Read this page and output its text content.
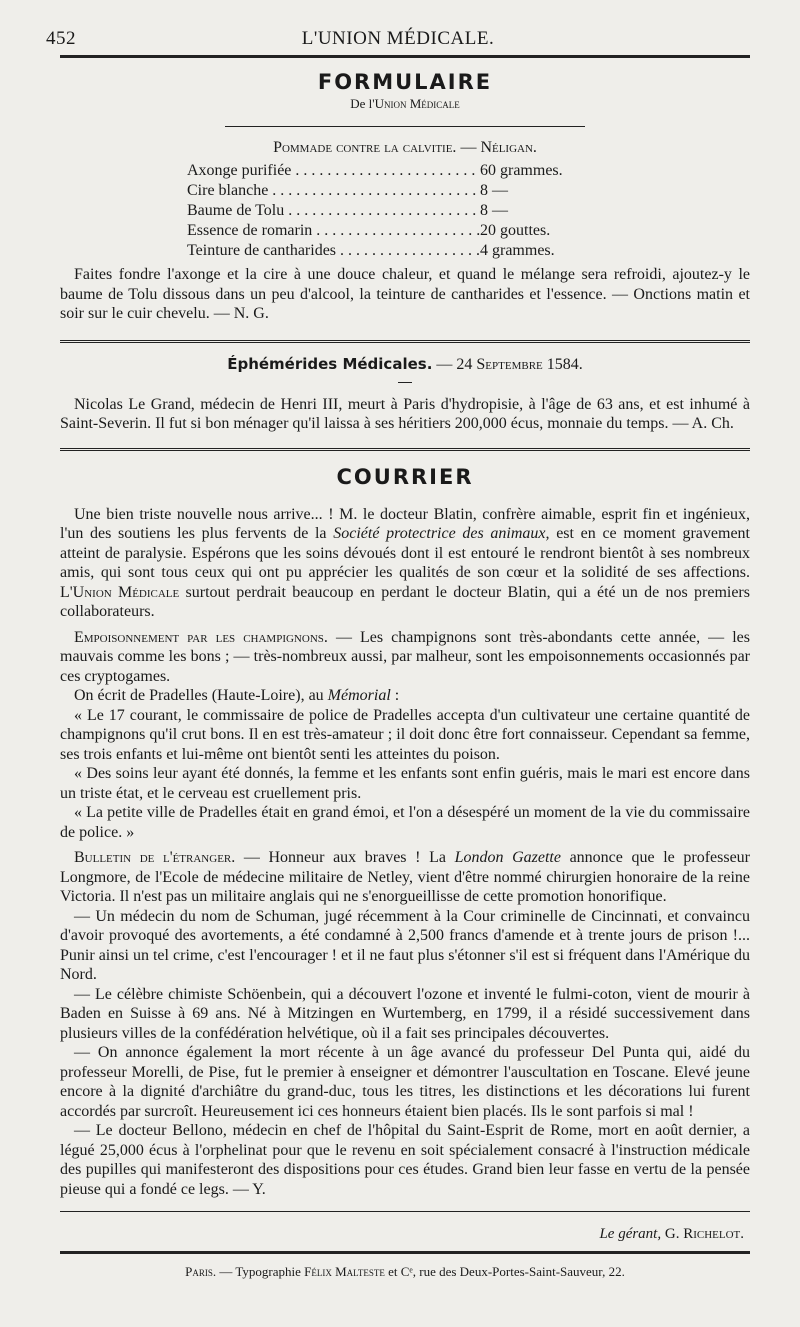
452	L'UNION MÉDICALE.
FORMULAIRE
De l'Union Médicale
Pommade contre la calvitie. — Néligan.
Axonge purifiée . . .	60 grammes.
Cire blanche . . .	8 —
Baume de Tolu . . .	8 —
Essence de romarin . . .	20 gouttes.
Teinture de cantharides . . .	4 grammes.

Faites fondre l'axonge et la cire à une douce chaleur, et quand le mélange sera refroidi, ajoutez-y le baume de Tolu dissous dans un peu d'alcool, la teinture de cantharides et l'essence. — Onctions matin et soir sur le cuir chevelu. — N. G.

Éphémérides Médicales. — 24 Septembre 1584.

Nicolas Le Grand, médecin de Henri III, meurt à Paris d'hydropisie, à l'âge de 63 ans, et est inhumé à Saint-Severin. Il fut si bon ménager qu'il laissa à ses héritiers 200,000 écus, monnaie du temps. — A. Ch.

COURRIER

Une bien triste nouvelle nous arrive... ! M. le docteur Blatin, confrère aimable, esprit fin et ingénieux, l'un des soutiens les plus fervents de la Société protectrice des animaux, est en ce moment gravement atteint de paralysie. Espérons que les soins dévoués dont il est entouré le rendront bientôt à ses nombreux amis, qui sont tous ceux qui ont pu apprécier les qualités de son cœur et la solidité de ses affections. L'Union Médicale surtout perdrait beaucoup en perdant le docteur Blatin, qui a été un de nos premiers collaborateurs.

Empoisonnement par les champignons. — Les champignons sont très-abondants cette année, — les mauvais comme les bons ; — très-nombreux aussi, par malheur, sont les empoisonnements occasionnés par ces cryptogames.

On écrit de Pradelles (Haute-Loire), au Mémorial :

« Le 17 courant, le commissaire de police de Pradelles accepta d'un cultivateur une certaine quantité de champignons qu'il crut bons. Il en est très-amateur ; il doit donc être fort connaisseur. Cependant sa femme, ses trois enfants et lui-même ont bientôt senti les atteintes du poison.

« Des soins leur ayant été donnés, la femme et les enfants sont enfin guéris, mais le mari est encore dans un triste état, et le cerveau est cruellement pris.

« La petite ville de Pradelles était en grand émoi, et l'on a désespéré un moment de la vie du commissaire de police. »

Bulletin de l'étranger. — Honneur aux braves ! La London Gazette annonce que le professeur Longmore, de l'Ecole de médecine militaire de Netley, vient d'être nommé chirurgien honoraire de la reine Victoria. Il n'est pas un militaire anglais qui ne s'enorgueillisse de cette promotion honorifique.

— Un médecin du nom de Schuman, jugé récemment à la Cour criminelle de Cincinnati, et convaincu d'avoir provoqué des avortements, a été condamné à 2,500 francs d'amende et à trente jours de prison !... Punir ainsi un tel crime, c'est l'encourager ! et il ne faut plus s'étonner s'il est si fréquent dans l'Amérique du Nord.

— Le célèbre chimiste Schöenbein, qui a découvert l'ozone et inventé le fulmi-coton, vient de mourir à Baden en Suisse à 69 ans. Né à Mitzingen en Wurtemberg, en 1799, il a résidé successivement dans plusieurs villes de la confédération helvétique, où il a fait ses principales découvertes.

— On annonce également la mort récente à un âge avancé du professeur Del Punta qui, aidé du professeur Morelli, de Pise, fut le premier à enseigner et démontrer l'auscultation en Toscane. Elevé jeune encore à la dignité d'archiâtre du grand-duc, tous les titres, les distinctions et les décorations lui furent accordés par surcroît. Heureusement ici ces honneurs étaient bien placés. Ils le sont parfois si mal !

— Le docteur Bellono, médecin en chef de l'hôpital du Saint-Esprit de Rome, mort en août dernier, a légué 25,000 écus à l'orphelinat pour que le revenu en soit spécialement consacré à l'instruction médicale des pupilles qui manifesteront des dispositions pour ces études. Grand bien leur fasse en vertu de la pensée pieuse qui a fondé ce legs. — Y.

Le gérant, G. Richelot.
Paris. — Typographie Félix Malteste et Cᵉ, rue des Deux-Portes-Saint-Sauveur, 22.
